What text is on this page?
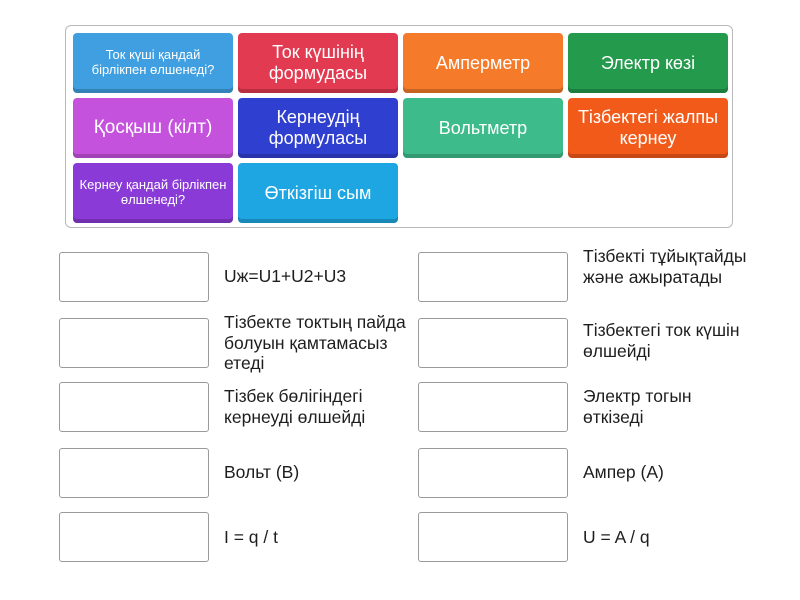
Ток күші қандай бірлікпен өлшенеді?
Ток күшінің формудасы
Амперметр	Электр көзі
Қосқыш (кілт)	Кернеудің формуласы
Вольтметр
Тізбектегі жалпы кернеу
Кернеу қандай бірлікпен өлшенеді?	Өткізгіш сым
Uж=U1+U2+U3
Тізбекте токтың пайда болуын қамтамасыз етеді
Тізбек бөлігіндегі кернеуді өлшейді
Вольт (В)
I = q / t
Тізбекті тұйықтайды және ажыратады
Тізбектегі ток күшін өлшейді
Электр тогын өткізеді
Ампер (А)
U = A / q
